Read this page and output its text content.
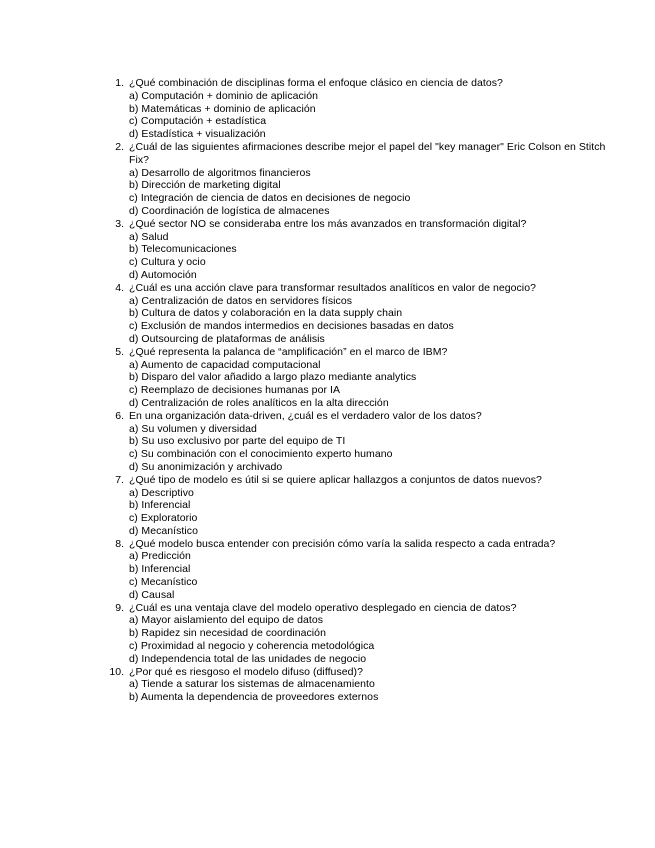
1. ¿Qué combinación de disciplinas forma el enfoque clásico en ciencia de datos?
a) Computación + dominio de aplicación
b) Matemáticas + dominio de aplicación
c) Computación + estadística
d) Estadística + visualización
2. ¿Cuál de las siguientes afirmaciones describe mejor el papel del "key manager" Eric Colson en Stitch Fix?
a) Desarrollo de algoritmos financieros
b) Dirección de marketing digital
c) Integración de ciencia de datos en decisiones de negocio
d) Coordinación de logística de almacenes
3. ¿Qué sector NO se consideraba entre los más avanzados en transformación digital?
a) Salud
b) Telecomunicaciones
c) Cultura y ocio
d) Automoción
4. ¿Cuál es una acción clave para transformar resultados analíticos en valor de negocio?
a) Centralización de datos en servidores físicos
b) Cultura de datos y colaboración en la data supply chain
c) Exclusión de mandos intermedios en decisiones basadas en datos
d) Outsourcing de plataformas de análisis
5. ¿Qué representa la palanca de “amplificación” en el marco de IBM?
a) Aumento de capacidad computacional
b) Disparo del valor añadido a largo plazo mediante analytics
c) Reemplazo de decisiones humanas por IA
d) Centralización de roles analíticos en la alta dirección
6. En una organización data-driven, ¿cuál es el verdadero valor de los datos?
a) Su volumen y diversidad
b) Su uso exclusivo por parte del equipo de TI
c) Su combinación con el conocimiento experto humano
d) Su anonimización y archivado
7. ¿Qué tipo de modelo es útil si se quiere aplicar hallazgos a conjuntos de datos nuevos?
a) Descriptivo
b) Inferencial
c) Exploratorio
d) Mecanístico
8. ¿Qué modelo busca entender con precisión cómo varía la salida respecto a cada entrada?
a) Predicción
b) Inferencial
c) Mecanístico
d) Causal
9. ¿Cuál es una ventaja clave del modelo operativo desplegado en ciencia de datos?
a) Mayor aislamiento del equipo de datos
b) Rapidez sin necesidad de coordinación
c) Proximidad al negocio y coherencia metodológica
d) Independencia total de las unidades de negocio
10. ¿Por qué es riesgoso el modelo difuso (diffused)?
a) Tiende a saturar los sistemas de almacenamiento
b) Aumenta la dependencia de proveedores externos
